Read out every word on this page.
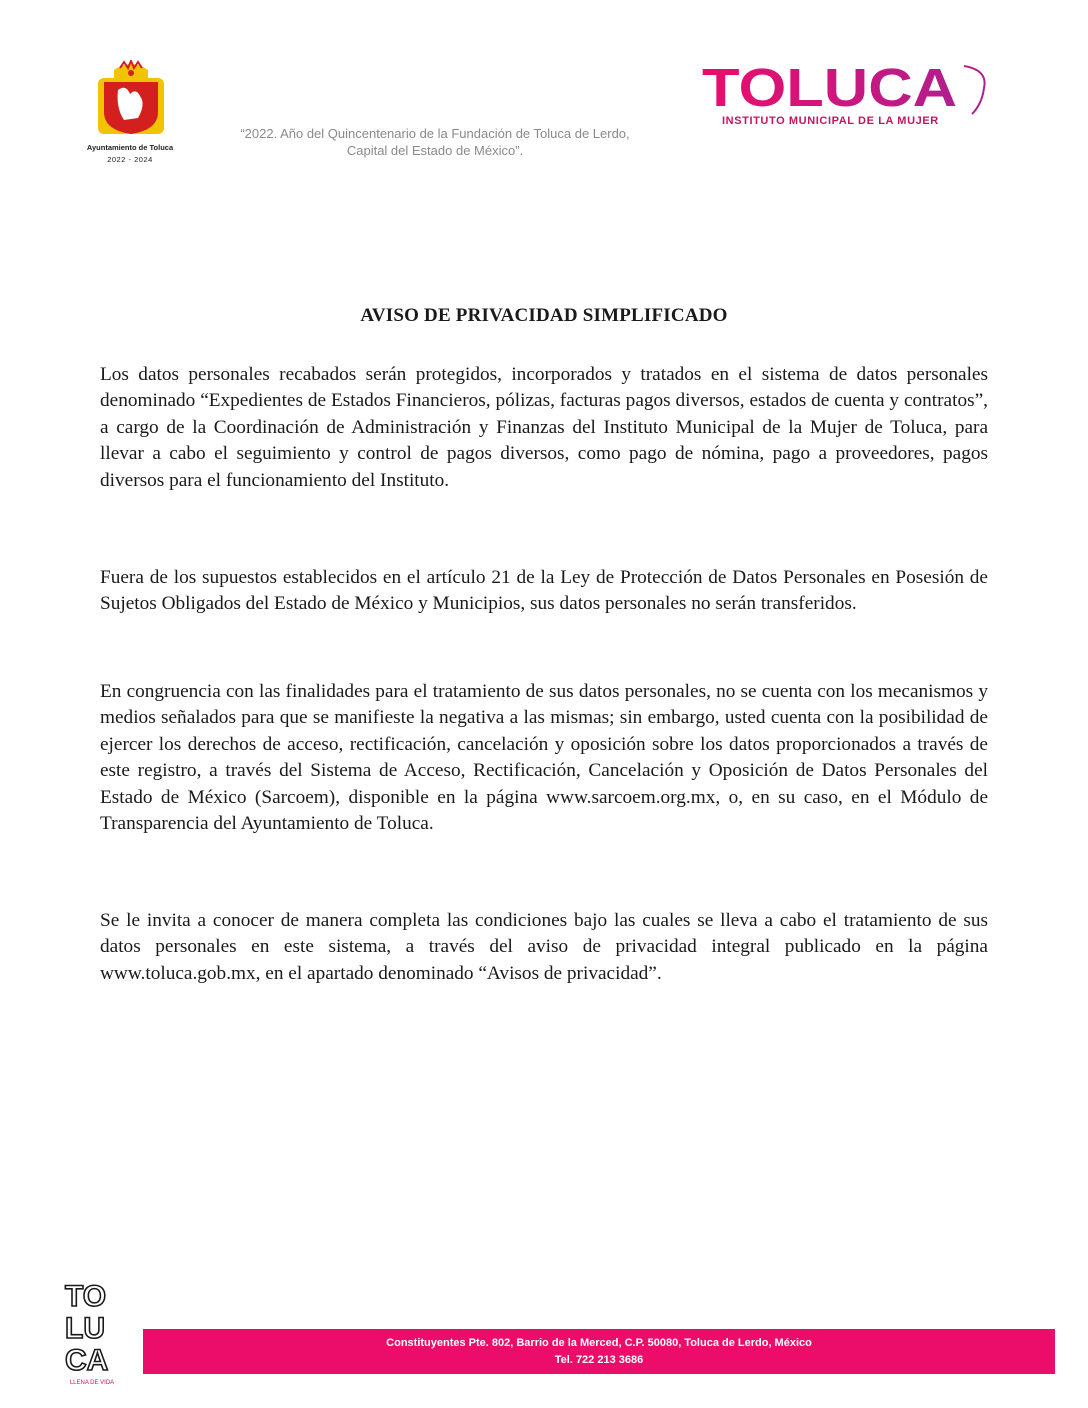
Ayuntamiento de Toluca
2022 - 2024
“2022. Año del Quincentenario de la Fundación de Toluca de Lerdo,
Capital del Estado de México”.
TOLUCA
INSTITUTO MUNICIPAL DE LA MUJER
AVISO DE PRIVACIDAD SIMPLIFICADO

Los datos personales recabados serán protegidos, incorporados y tratados en el sistema de datos personales denominado “Expedientes de Estados Financieros, pólizas, facturas pagos diversos, estados de cuenta y contratos”, a cargo de la Coordinación de Administración y Finanzas del Instituto Municipal de la Mujer de Toluca, para llevar a cabo el seguimiento y control de pagos diversos, como pago de nómina, pago a proveedores, pagos diversos para el funcionamiento del Instituto.

Fuera de los supuestos establecidos en el artículo 21 de la Ley de Protección de Datos Personales en Posesión de Sujetos Obligados del Estado de México y Municipios, sus datos personales no serán transferidos.

En congruencia con las finalidades para el tratamiento de sus datos personales, no se cuenta con los mecanismos y medios señalados para que se manifieste la negativa a las mismas; sin embargo, usted cuenta con la posibilidad de ejercer los derechos de acceso, rectificación, cancelación y oposición sobre los datos proporcionados a través de este registro, a través del Sistema de Acceso, Rectificación, Cancelación y Oposición de Datos Personales del Estado de México (Sarcoem), disponible en la página www.sarcoem.org.mx, o, en su caso, en el Módulo de Transparencia del Ayuntamiento de Toluca.

Se le invita a conocer de manera completa las condiciones bajo las cuales se lleva a cabo el tratamiento de sus datos personales en este sistema, a través del aviso de privacidad integral publicado en la página www.toluca.gob.mx, en el apartado denominado “Avisos de privacidad”.

TO
LU
CA
LLENA DE VIDA
Constituyentes Pte. 802, Barrio de la Merced, C.P. 50080, Toluca de Lerdo, México
Tel. 722 213 3686
